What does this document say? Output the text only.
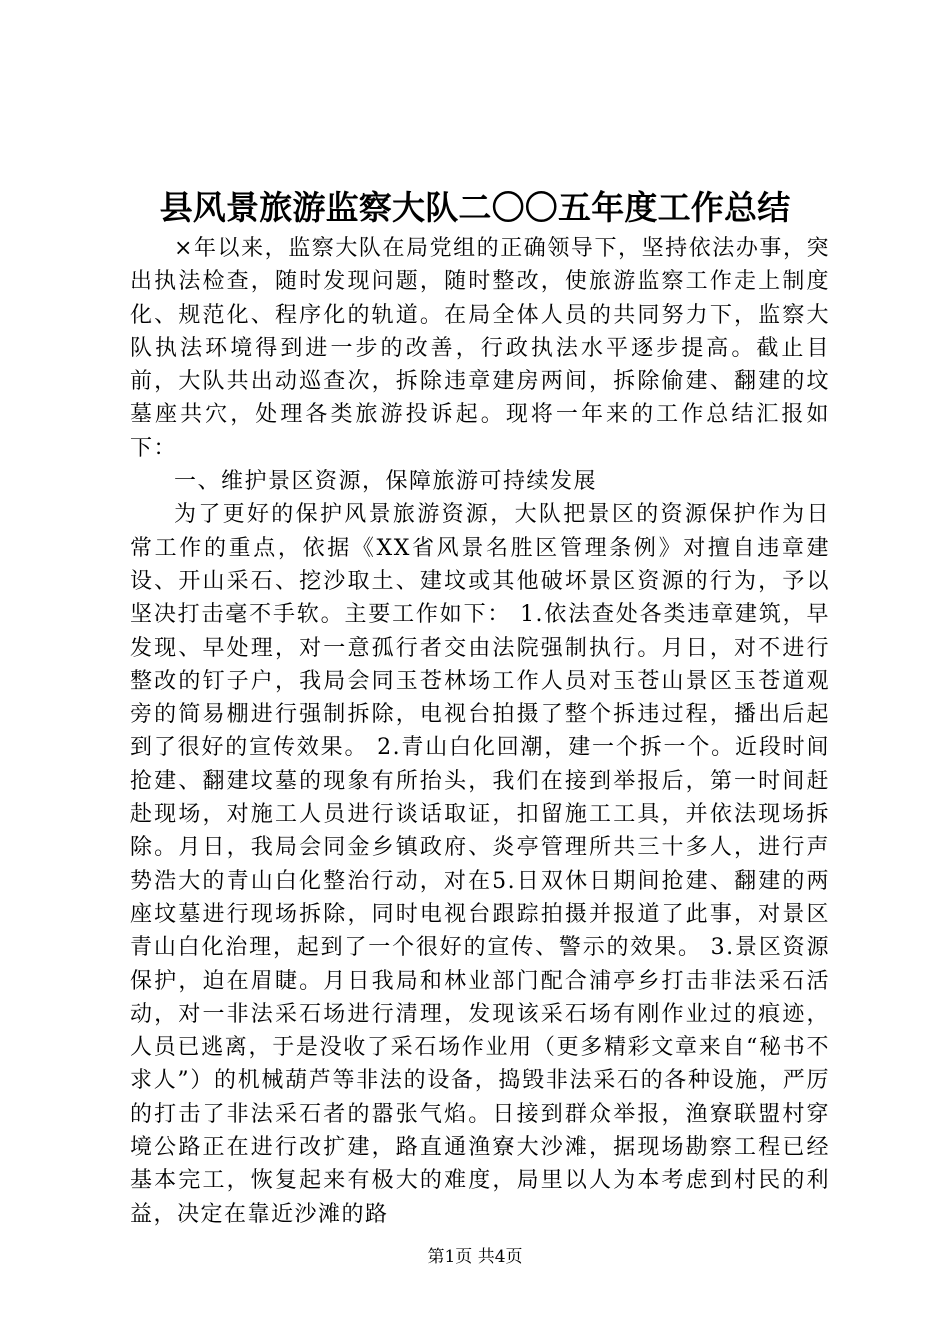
县风景旅游监察大队二〇〇五年度工作总结

×年以来，监察大队在局党组的正确领导下，坚持依法办事，突出执法检查，随时发现问题，随时整改，使旅游监察工作走上制度化、规范化、程序化的轨道。在局全体人员的共同努力下，监察大队执法环境得到进一步的改善，行政执法水平逐步提高。截止目前，大队共出动巡查次，拆除违章建房两间，拆除偷建、翻建的坟墓座共穴，处理各类旅游投诉起。现将一年来的工作总结汇报如下：

一、维护景区资源，保障旅游可持续发展

为了更好的保护风景旅游资源，大队把景区的资源保护作为日常工作的重点，依据《XX省风景名胜区管理条例》对擅自违章建设、开山采石、挖沙取土、建坟或其他破坏景区资源的行为，予以坚决打击毫不手软。主要工作如下： 1.依法查处各类违章建筑，早发现、早处理，对一意孤行者交由法院强制执行。月日，对不进行整改的钉子户，我局会同玉苍林场工作人员对玉苍山景区玉苍道观旁的简易棚进行强制拆除，电视台拍摄了整个拆违过程，播出后起到了很好的宣传效果。 2.青山白化回潮，建一个拆一个。近段时间抢建、翻建坟墓的现象有所抬头，我们在接到举报后，第一时间赶赴现场，对施工人员进行谈话取证，扣留施工工具，并依法现场拆除。月日，我局会同金乡镇政府、炎亭管理所共三十多人，进行声势浩大的青山白化整治行动，对在5.日双休日期间抢建、翻建的两座坟墓进行现场拆除，同时电视台跟踪拍摄并报道了此事，对景区青山白化治理，起到了一个很好的宣传、警示的效果。 3.景区资源保护，迫在眉睫。月日我局和林业部门配合浦亭乡打击非法采石活动，对一非法采石场进行清理，发现该采石场有刚作业过的痕迹，人员已逃离，于是没收了采石场作业用（更多精彩文章来自“秘书不求人”）的机械葫芦等非法的设备，捣毁非法采石的各种设施，严厉的打击了非法采石者的嚣张气焰。日接到群众举报，渔寮联盟村穿境公路正在进行改扩建，路直通渔寮大沙滩，据现场勘察工程已经基本完工，恢复起来有极大的难度，局里以人为本考虑到村民的利益，决定在靠近沙滩的路

第1页 共4页
